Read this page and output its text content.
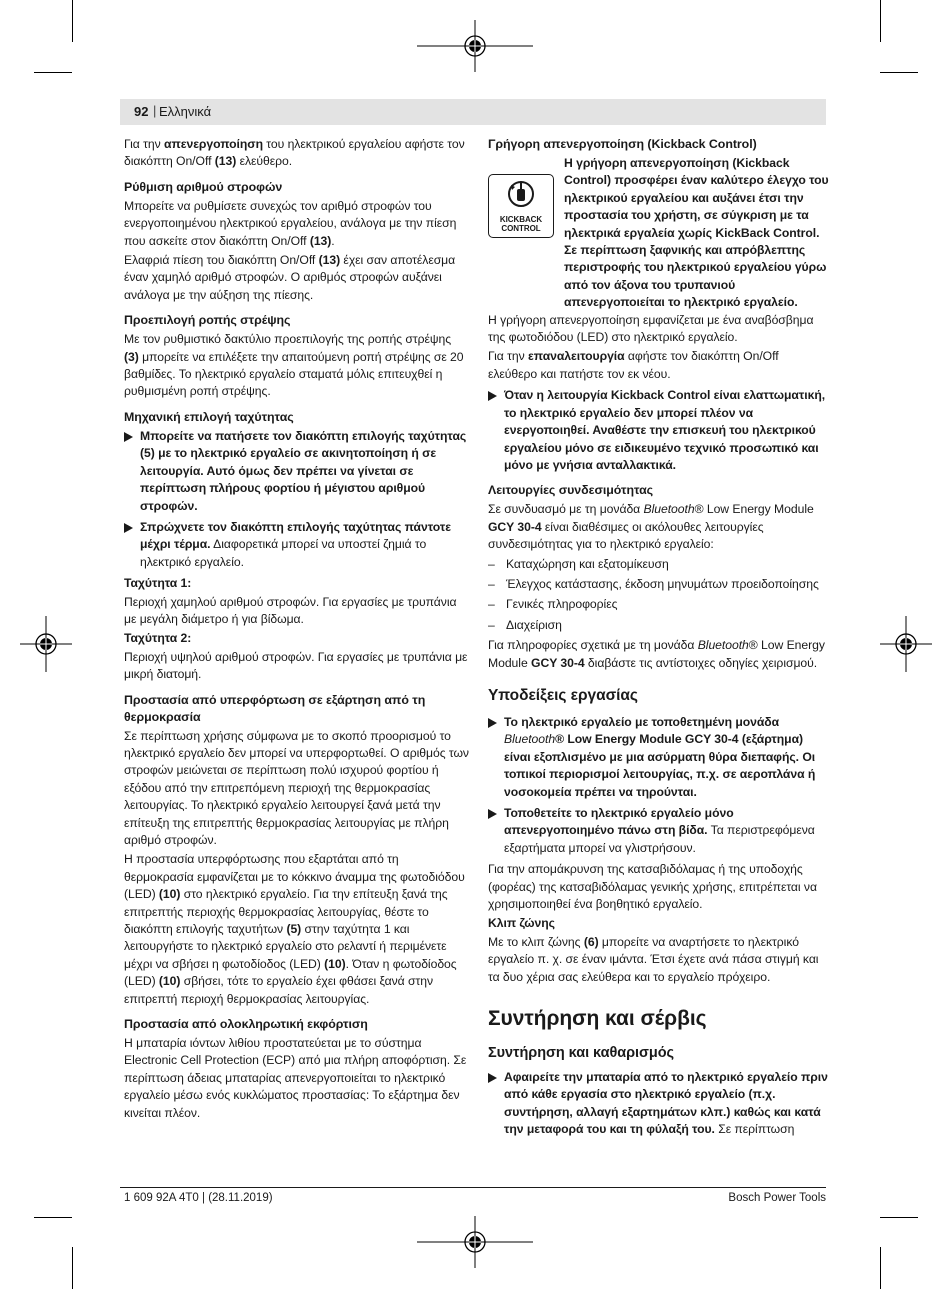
92 | Ελληνικά

Για την απενεργοποίηση του ηλεκτρικού εργαλείου αφήστε τον διακόπτη On/Off (13) ελεύθερο.

Ρύθμιση αριθμού στροφών

Μπορείτε να ρυθμίσετε συνεχώς τον αριθμό στροφών του ενεργοποιημένου ηλεκτρικού εργαλείου, ανάλογα με την πίεση που ασκείτε στον διακόπτη On/Off (13).

Ελαφριά πίεση του διακόπτη On/Off (13) έχει σαν αποτέλεσμα έναν χαμηλό αριθμό στροφών. Ο αριθμός στροφών αυξάνει ανάλογα με την αύξηση της πίεσης.

Προεπιλογή ροπής στρέψης

Με τον ρυθμιστικό δακτύλιο προεπιλογής της ροπής στρέψης (3) μπορείτε να επιλέξετε την απαιτούμενη ροπή στρέψης σε 20 βαθμίδες. Το ηλεκτρικό εργαλείο σταματά μόλις επιτευχθεί η ρυθμισμένη ροπή στρέψης.

Μηχανική επιλογή ταχύτητας
Μπορείτε να πατήσετε τον διακόπτη επιλογής ταχύτητας (5) με το ηλεκτρικό εργαλείο σε ακινητοποίηση ή σε λειτουργία. Αυτό όμως δεν πρέπει να γίνεται σε περίπτωση πλήρους φορτίου ή μέγιστου αριθμού στροφών.
Σπρώχνετε τον διακόπτη επιλογής ταχύτητας πάντοτε μέχρι τέρμα. Διαφορετικά μπορεί να υποστεί ζημιά το ηλεκτρικό εργαλείο.

Ταχύτητα 1:

Περιοχή χαμηλού αριθμού στροφών. Για εργασίες με τρυπάνια με μεγάλη διάμετρο ή για βίδωμα.

Ταχύτητα 2:

Περιοχή υψηλού αριθμού στροφών. Για εργασίες με τρυπάνια με μικρή διατομή.

Προστασία από υπερφόρτωση σε εξάρτηση από τη θερμοκρασία

Σε περίπτωση χρήσης σύμφωνα με το σκοπό προορισμού το ηλεκτρικό εργαλείο δεν μπορεί να υπερφορτωθεί. Ο αριθμός των στροφών μειώνεται σε περίπτωση πολύ ισχυρού φορτίου ή εξόδου από την επιτρεπόμενη περιοχή της θερμοκρασίας λειτουργίας. Το ηλεκτρικό εργαλείο λειτουργεί ξανά μετά την επίτευξη της επιτρεπτής θερμοκρασίας λειτουργίας με πλήρη αριθμό στροφών.

Η προστασία υπερφόρτωσης που εξαρτάται από τη θερμοκρασία εμφανίζεται με το κόκκινο άναμμα της φωτοδιόδου (LED) (10) στο ηλεκτρικό εργαλείο. Για την επίτευξη ξανά της επιτρεπτής περιοχής θερμοκρασίας λειτουργίας, θέστε το διακόπτη επιλογής ταχυτήτων (5) στην ταχύτητα 1 και λειτουργήστε το ηλεκτρικό εργαλείο στο ρελαντί ή περιμένετε μέχρι να σβήσει η φωτοδίοδος (LED) (10). Όταν η φωτοδίοδος (LED) (10) σβήσει, τότε το εργαλείο έχει φθάσει ξανά στην επιτρεπτή περιοχή θερμοκρασίας λειτουργίας.

Προστασία από ολοκληρωτική εκφόρτιση

Η μπαταρία ιόντων λιθίου προστατεύεται με το σύστημα Electronic Cell Protection (ECP) από μια πλήρη αποφόρτιση. Σε περίπτωση άδειας μπαταρίας απενεργοποιείται το ηλεκτρικό εργαλείο μέσω ενός κυκλώματος προστασίας: Το εξάρτημα δεν κινείται πλέον.

Γρήγορη απενεργοποίηση (Kickback Control)
KICKBACK
CONTROL
Η γρήγορη απενεργοποίηση (Kickback Control) προσφέρει έναν καλύτερο έλεγχο του ηλεκτρικού εργαλείου και αυξάνει έτσι την προστασία του χρήστη, σε σύγκριση με τα ηλεκτρικά εργαλεία χωρίς KickBack Control. Σε περίπτωση ξαφνικής και απρόβλεπτης περιστροφής του ηλεκτρικού εργαλείου γύρω από τον άξονα του τρυπανιού απενεργοποιείται το ηλεκτρικό εργαλείο.

Η γρήγορη απενεργοποίηση εμφανίζεται με ένα αναβόσβημα της φωτοδιόδου (LED) στο ηλεκτρικό εργαλείο.

Για την επαναλειτουργία αφήστε τον διακόπτη On/Off ελεύθερο και πατήστε τον εκ νέου.

Όταν η λειτουργία Kickback Control είναι ελαττωματική, το ηλεκτρικό εργαλείο δεν μπορεί πλέον να ενεργοποιηθεί. Αναθέστε την επισκευή του ηλεκτρικού εργαλείου μόνο σε ειδικευμένο τεχνικό προσωπικό και μόνο με γνήσια ανταλλακτικά.
Λειτουργίες συνδεσιμότητας

Σε συνδυασμό με τη μονάδα Bluetooth® Low Energy Module GCY 30-4 είναι διαθέσιμες οι ακόλουθες λειτουργίες συνδεσιμότητας για το ηλεκτρικό εργαλείο:

– Καταχώρηση και εξατομίκευση
– Έλεγχος κατάστασης, έκδοση μηνυμάτων προειδοποίησης
– Γενικές πληροφορίες
– Διαχείριση

Για πληροφορίες σχετικά με τη μονάδα Bluetooth® Low Energy Module GCY 30-4 διαβάστε τις αντίστοιχες οδηγίες χειρισμού.

Υποδείξεις εργασίας
Το ηλεκτρικό εργαλείο με τοποθετημένη μονάδα Bluetooth® Low Energy Module GCY 30-4 (εξάρτημα) είναι εξοπλισμένο με μια ασύρματη θύρα διεπαφής. Οι τοπικοί περιορισμοί λειτουργίας, π.χ. σε αεροπλάνα ή νοσοκομεία πρέπει να τηρούνται.
Τοποθετείτε το ηλεκτρικό εργαλείο μόνο απενεργοποιημένο πάνω στη βίδα. Τα περιστρεφόμενα εξαρτήματα μπορεί να γλιστρήσουν.

Για την απομάκρυνση της κατσαβιδόλαμας ή της υποδοχής (φορέας) της κατσαβιδόλαμας γενικής χρήσης, επιτρέπεται να χρησιμοποιηθεί ένα βοηθητικό εργαλείο.

Κλιπ ζώνης

Με το κλιπ ζώνης (6) μπορείτε να αναρτήσετε το ηλεκτρικό εργαλείο π. χ. σε έναν ιμάντα. Έτσι έχετε ανά πάσα στιγμή και τα δυο χέρια σας ελεύθερα και το εργαλείο πρόχειρο.

Συντήρηση και σέρβις
Συντήρηση και καθαρισμός
Αφαιρείτε την μπαταρία από το ηλεκτρικό εργαλείο πριν από κάθε εργασία στο ηλεκτρικό εργαλείο (π.χ. συντήρηση, αλλαγή εξαρτημάτων κλπ.) καθώς και κατά την μεταφορά του και τη φύλαξή του. Σε περίπτωση
1 609 92A 4T0 | (28.11.2019)	Bosch Power Tools
